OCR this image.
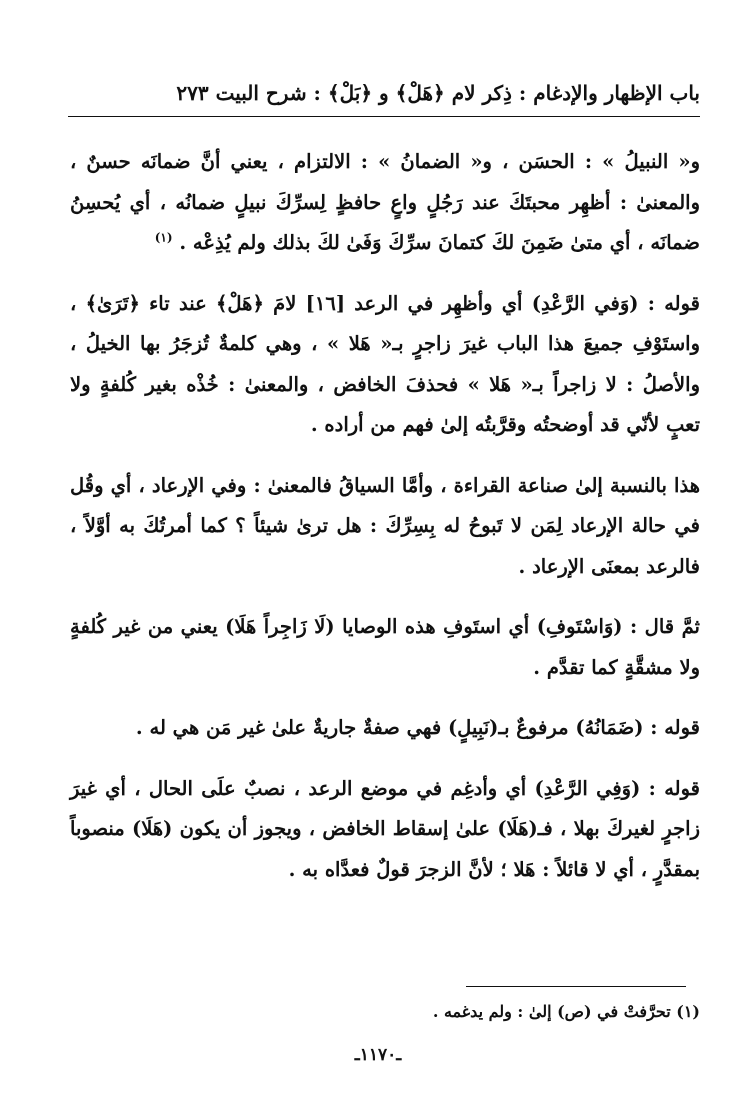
باب الإظهار والإدغام : ذِكر لام ﴿هَلْ﴾ و ﴿بَلْ﴾ : شرح البيت ٢٧٣

و« النبيلُ » : الحسَن ، و« الضمانُ » : الالتزام ، يعني أنَّ ضمانَه حسنٌ ، والمعنىٰ : أظهِر محبتَكَ عند رَجُلٍ واعٍ حافظٍ لِسرِّكَ نبيلٍ ضمانُه ، أي يُحسِنُ ضمانَه ، أي متىٰ ضَمِنَ لكَ كتمانَ سرِّكَ وَفَىٰ لكَ بذلك ولم يُذِعْه . $^{(١)}$

قوله : (وَفي الرَّعْدِ) أي وأظهِر في الرعد [١٦] لامَ ﴿هَلْ﴾ عند تاء ﴿تَرَىٰ﴾ ، واستَوْفِ جميعَ هذا الباب غيرَ زاجرٍ بـ« هَلا » ، وهي كلمةٌ تُزجَرُ بها الخيلُ ، والأصلُ : لا زاجراً بـ« هَلا » فحذفَ الخافض ، والمعنىٰ : خُذْه بغير كُلفةٍ ولا تعبٍ لأنّي قد أوضحتُه وقرَّبتُه إلىٰ فهم من أراده .

هذا بالنسبة إلىٰ صناعة القراءة ، وأمَّا السياقُ فالمعنىٰ : وفي الإرعاد ، أي وقُل في حالة الإرعاد لِمَن لا تَبوحُ له بِسِرِّكَ : هل ترىٰ شيئاً ؟ كما أمرتُكَ به أوَّلاً ، فالرعد بمعنَى الإرعاد .

ثمَّ قال : (وَاسْتَوفِ) أي استَوفِ هذه الوصايا (لَا زَاجِراً هَلَا) يعني من غير كُلفةٍ ولا مشقَّةٍ كما تقدَّم .

قوله : (ضَمَانُهُ) مرفوعٌ بـ(نَبِيلٍ) فهي صفةٌ جاريةٌ علىٰ غير مَن هي له .

قوله : (وَفِي الرَّعْدِ) أي وأدغِم في موضع الرعد ، نصبٌ علَى الحال ، أي غيرَ زاجرٍ لغيركَ بهلا ، فـ(هَلَا) علىٰ إسقاط الخافض ، ويجوز أن يكون (هَلَا) منصوباً بمقدَّرٍ ، أي لا قائلاً : هَلا ؛ لأنَّ الزجرَ قولٌ فعدَّاه به .

(١) تحرَّفتْ في (ص) إلىٰ : ولم يدغمه .
ـ١١٧٠ـ
